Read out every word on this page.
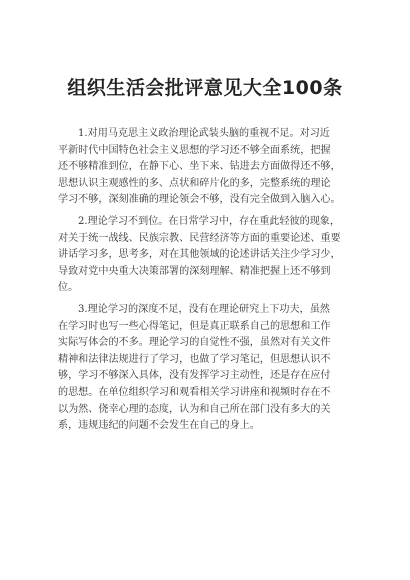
组织生活会批评意见大全100条
1.对用马克思主义政治理论武装头脑的重视不足。对习近
平新时代中国特色社会主义思想的学习还不够全面系统，把握
还不够精准到位，在静下心、坐下来、钻进去方面做得还不够，
思想认识主观感性的多、点状和碎片化的多，完整系统的理论
学习不够，深刻准确的理论领会不够，没有完全做到入脑入心。
2.理论学习不到位。在日常学习中，存在重此轻彼的现象，
对关于统一战线、民族宗教、民营经济等方面的重要论述、重要
讲话学习多，思考多，对在其他领域的论述讲话关注少学习少，
导致对党中央重大决策部署的深刻理解、精准把握上还不够到
位。
3.理论学习的深度不足，没有在理论研究上下功夫，虽然
在学习时也写一些心得笔记，但是真正联系自己的思想和工作
实际写体会的不多。理论学习的自觉性不强，虽然对有关文件
精神和法律法规进行了学习，也做了学习笔记，但思想认识不
够，学习不够深入具体，没有发挥学习主动性，还是存在应付
的思想。在单位组织学习和观看相关学习讲座和视频时存在不
以为然、侥幸心理的态度，认为和自己所在部门没有多大的关
系，违规违纪的问题不会发生在自己的身上。
